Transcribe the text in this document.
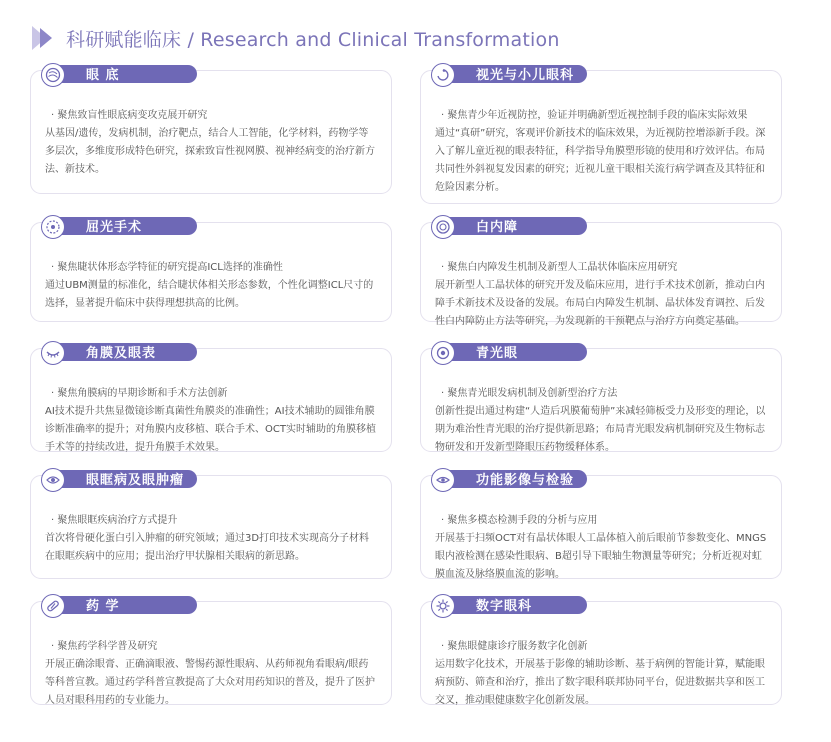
科研赋能临床 / Research and Clinical Transformation
眼 底
· 聚焦致盲性眼底病变攻克展开研究
从基因/遗传，发病机制，治疗靶点，结合人工智能，化学材料，药物学等多层次，多维度形成特色研究，探索致盲性视网膜、视神经病变的治疗新方法、新技术。
视光与小儿眼科
· 聚焦青少年近视防控，验证并明确新型近视控制手段的临床实际效果
通过“真研”研究，客观评价新技术的临床效果，为近视防控增添新手段。深入了解儿童近视的眼表特征，科学指导角膜塑形镜的使用和疗效评估。布局共同性外斜视复发因素的研究；近视儿童干眼相关流行病学调查及其特征和危险因素分析。
屈光手术
· 聚焦睫状体形态学特征的研究提高ICL选择的准确性
通过UBM测量的标准化，结合睫状体相关形态参数，个性化调整ICL尺寸的选择，显著提升临床中获得理想拱高的比例。
白内障
· 聚焦白内障发生机制及新型人工晶状体临床应用研究
展开新型人工晶状体的研究开发及临床应用，进行手术技术创新，推动白内障手术新技术及设备的发展。布局白内障发生机制、晶状体发育调控、后发性白内障防止方法等研究，为发现新的干预靶点与治疗方向奠定基础。
角膜及眼表
· 聚焦角膜病的早期诊断和手术方法创新
AI技术提升共焦显微镜诊断真菌性角膜炎的准确性；AI技术辅助的圆锥角膜诊断准确率的提升；对角膜内皮移植、联合手术、OCT实时辅助的角膜移植手术等的持续改进，提升角膜手术效果。
青光眼
· 聚焦青光眼发病机制及创新型治疗方法
创新性提出通过构建“人造后巩膜葡萄肿”来减轻筛板受力及形变的理论，以期为难治性青光眼的治疗提供新思路；布局青光眼发病机制研究及生物标志物研发和开发新型降眼压药物缓释体系。
眼眶病及眼肿瘤
· 聚焦眼眶疾病治疗方式提升
首次将骨硬化蛋白引入肿瘤的研究领域；通过3D打印技术实现高分子材料在眼眶疾病中的应用；提出治疗甲状腺相关眼病的新思路。
功能影像与检验
· 聚焦多模态检测手段的分析与应用
开展基于扫频OCT对有晶状体眼人工晶体植入前后眼前节参数变化、MNGS眼内液检测在感染性眼病、B超引导下眼轴生物测量等研究；分析近视对虹膜血流及脉络膜血流的影响。
药 学
· 聚焦药学科学普及研究
开展正确涂眼膏、正确滴眼液、警惕药源性眼病、从药师视角看眼病/眼药等科普宣教。通过药学科普宣教提高了大众对用药知识的普及，提升了医护人员对眼科用药的专业能力。
数字眼科
· 聚焦眼健康诊疗服务数字化创新
运用数字化技术，开展基于影像的辅助诊断、基于病例的智能计算，赋能眼病预防、筛查和治疗，推出了数字眼科联邦协同平台，促进数据共享和医工交叉，推动眼健康数字化创新发展。
